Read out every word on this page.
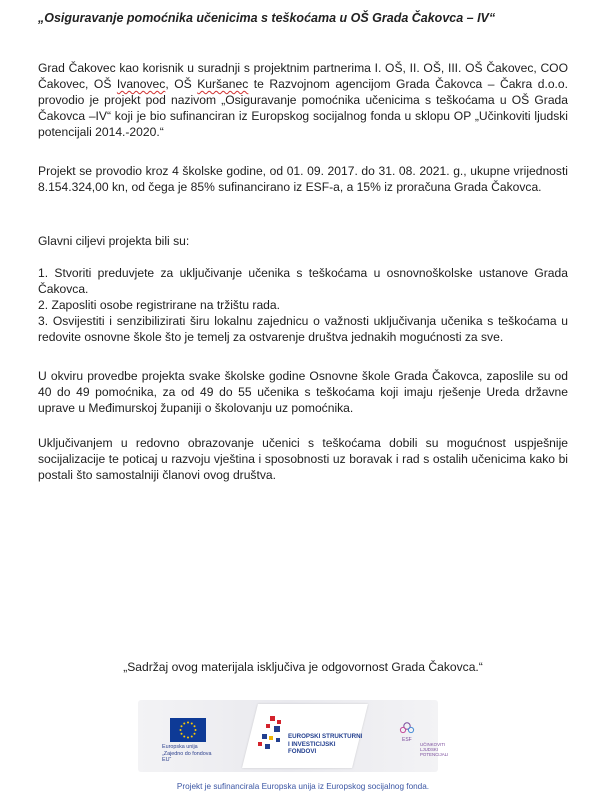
„Osiguravanje pomoćnika učenicima s teškoćama u OŠ Grada Čakovca – IV“

Grad Čakovec kao korisnik u suradnji s projektnim partnerima I. OŠ, II. OŠ, III. OŠ Čakovec, COO Čakovec, OŠ Ivanovec, OŠ Kuršanec te Razvojnom agencijom Grada Čakovca – Čakra d.o.o. provodio je projekt pod nazivom „Osiguravanje pomoćnika učenicima s teškoćama u OŠ Grada Čakovca –IV“ koji je bio sufinanciran iz Europskog socijalnog fonda u sklopu OP „Učinkoviti ljudski potencijali 2014.-2020.“

Projekt se provodio kroz 4 školske godine, od 01. 09. 2017. do 31. 08. 2021. g., ukupne vrijednosti 8.154.324,00 kn, od čega je 85% sufinancirano iz ESF-a, a 15% iz proračuna Grada Čakovca.

Glavni ciljevi projekta bili su:

1. Stvoriti preduvjete za uključivanje učenika s teškoćama u osnovnoškolske ustanove Grada Čakovca.

2. Zaposliti osobe registrirane na tržištu rada.

3. Osvijestiti i senzibilizirati širu lokalnu zajednicu o važnosti uključivanja učenika s teškoćama u redovite osnovne škole što je temelj za ostvarenje društva jednakih mogućnosti za sve.

U okviru provedbe projekta svake školske godine Osnovne škole Grada Čakovca, zaposlile su od 40 do 49 pomoćnika, za od 49 do 55 učenika s teškoćama koji imaju rješenje Ureda državne uprave u Međimurskoj županiji o školovanju uz pomoćnika.

Uključivanjem u redovno obrazovanje učenici s teškoćama dobili su mogućnost uspješnije socijalizacije te poticaj u razvoju vještina i sposobnosti uz boravak i rad s ostalih učenicima kako bi postali što samostalniji članovi ovog društva.

„Sadržaj ovog materijala isključiva je odgovornost Grada Čakovca.“
Europska unija
„Zajedno do fondova EU“
EUROPSKI STRUKTURNI
I INVESTICIJSKI FONDOVI
ESF
UČINKOVITI LJUDSKI POTENCIJALI
Projekt je sufinancirala Europska unija iz Europskog socijalnog fonda.
